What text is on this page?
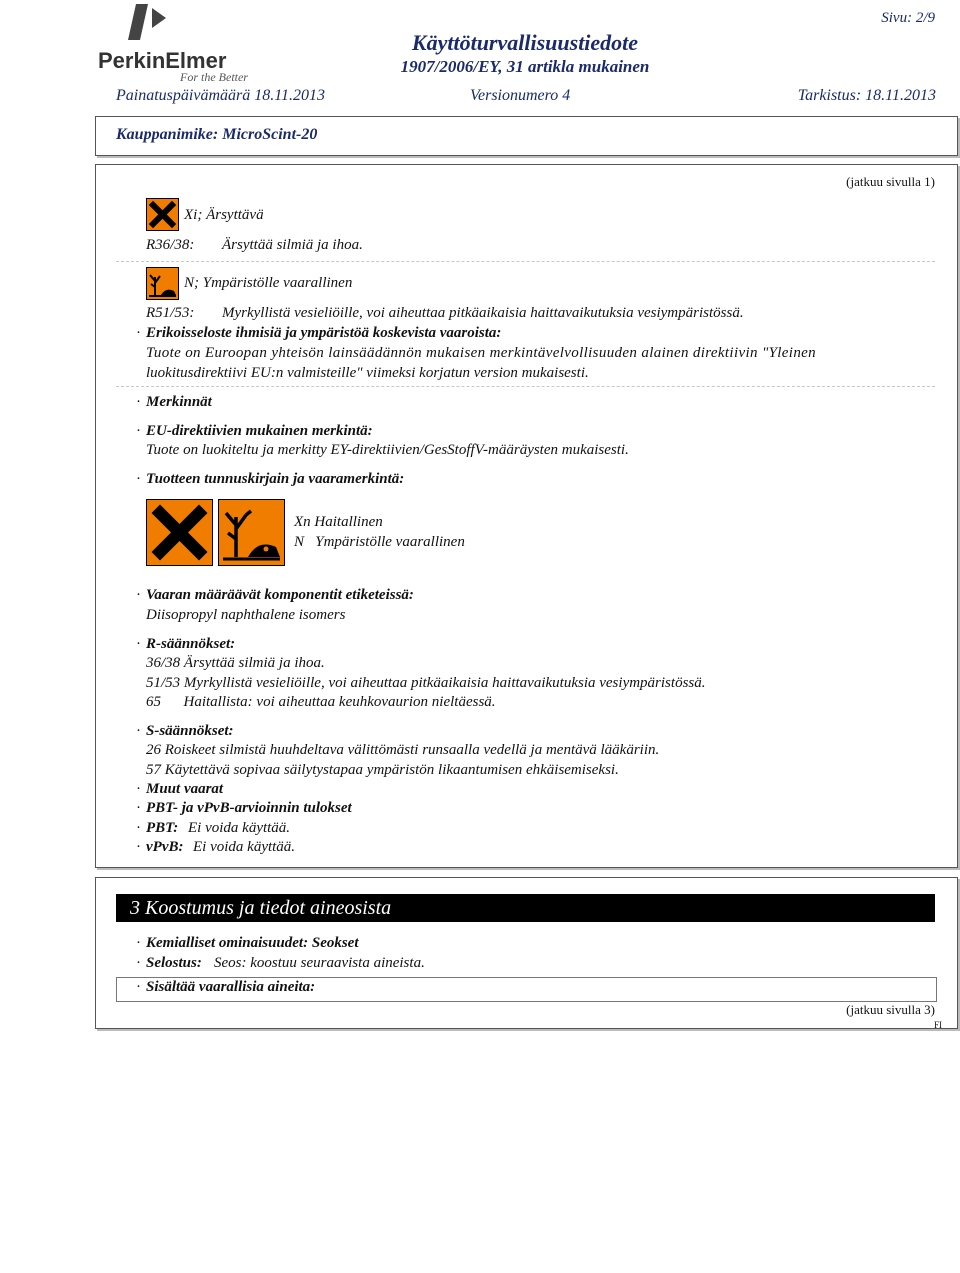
PerkinElmer
For the Better
Käyttöturvallisuustiedote
1907/2006/EY, 31 artikla mukainen
Sivu: 2/9
Painatuspäivämäärä 18.11.2013	Versionumero 4	Tarkistus: 18.11.2013
Kauppanimike: MicroScint-20
(jatkuu sivulla 1)
Xi; Ärsyttävä
R36/38: Ärsyttää silmiä ja ihoa.
N; Ympäristölle vaarallinen
R51/53: Myrkyllistä vesieliöille, voi aiheuttaa pitkäaikaisia haittavaikutuksia vesiympäristössä.
· Erikoisseloste ihmisiä ja ympäristöä koskevista vaaroista:
Tuote on Euroopan yhteisön lainsäädännön mukaisen merkintävelvollisuuden alainen direktiivin "Yleinen
luokitusdirektiivi EU:n valmisteille" viimeksi korjatun version mukaisesti.
· Merkinnät
· EU-direktiivien mukainen merkintä:
Tuote on luokiteltu ja merkitty EY-direktiivien/GesStoffV-määräysten mukaisesti.
· Tuotteen tunnuskirjain ja vaaramerkintä:
Xn Haitallinen
N   Ympäristölle vaarallinen
· Vaaran määräävät komponentit etiketeissä:
Diisopropyl naphthalene isomers
· R-säännökset:
36/38 Ärsyttää silmiä ja ihoa.
51/53 Myrkyllistä vesieliöille, voi aiheuttaa pitkäaikaisia haittavaikutuksia vesiympäristössä.
65      Haitallista: voi aiheuttaa keuhkovaurion nieltäessä.
· S-säännökset:
26 Roiskeet silmistä huuhdeltava välittömästi runsaalla vedellä ja mentävä lääkäriin.
57 Käytettävä sopivaa säilytystapaa ympäristön likaantumisen ehkäisemiseksi.
· Muut vaarat
· PBT- ja vPvB-arvioinnin tulokset
· PBT: Ei voida käyttää.
· vPvB: Ei voida käyttää.
3 Koostumus ja tiedot aineosista
· Kemialliset ominaisuudet: Seokset
· Selostus: Seos: koostuu seuraavista aineista.
· Sisältää vaarallisia aineita:
(jatkuu sivulla 3)
FI
